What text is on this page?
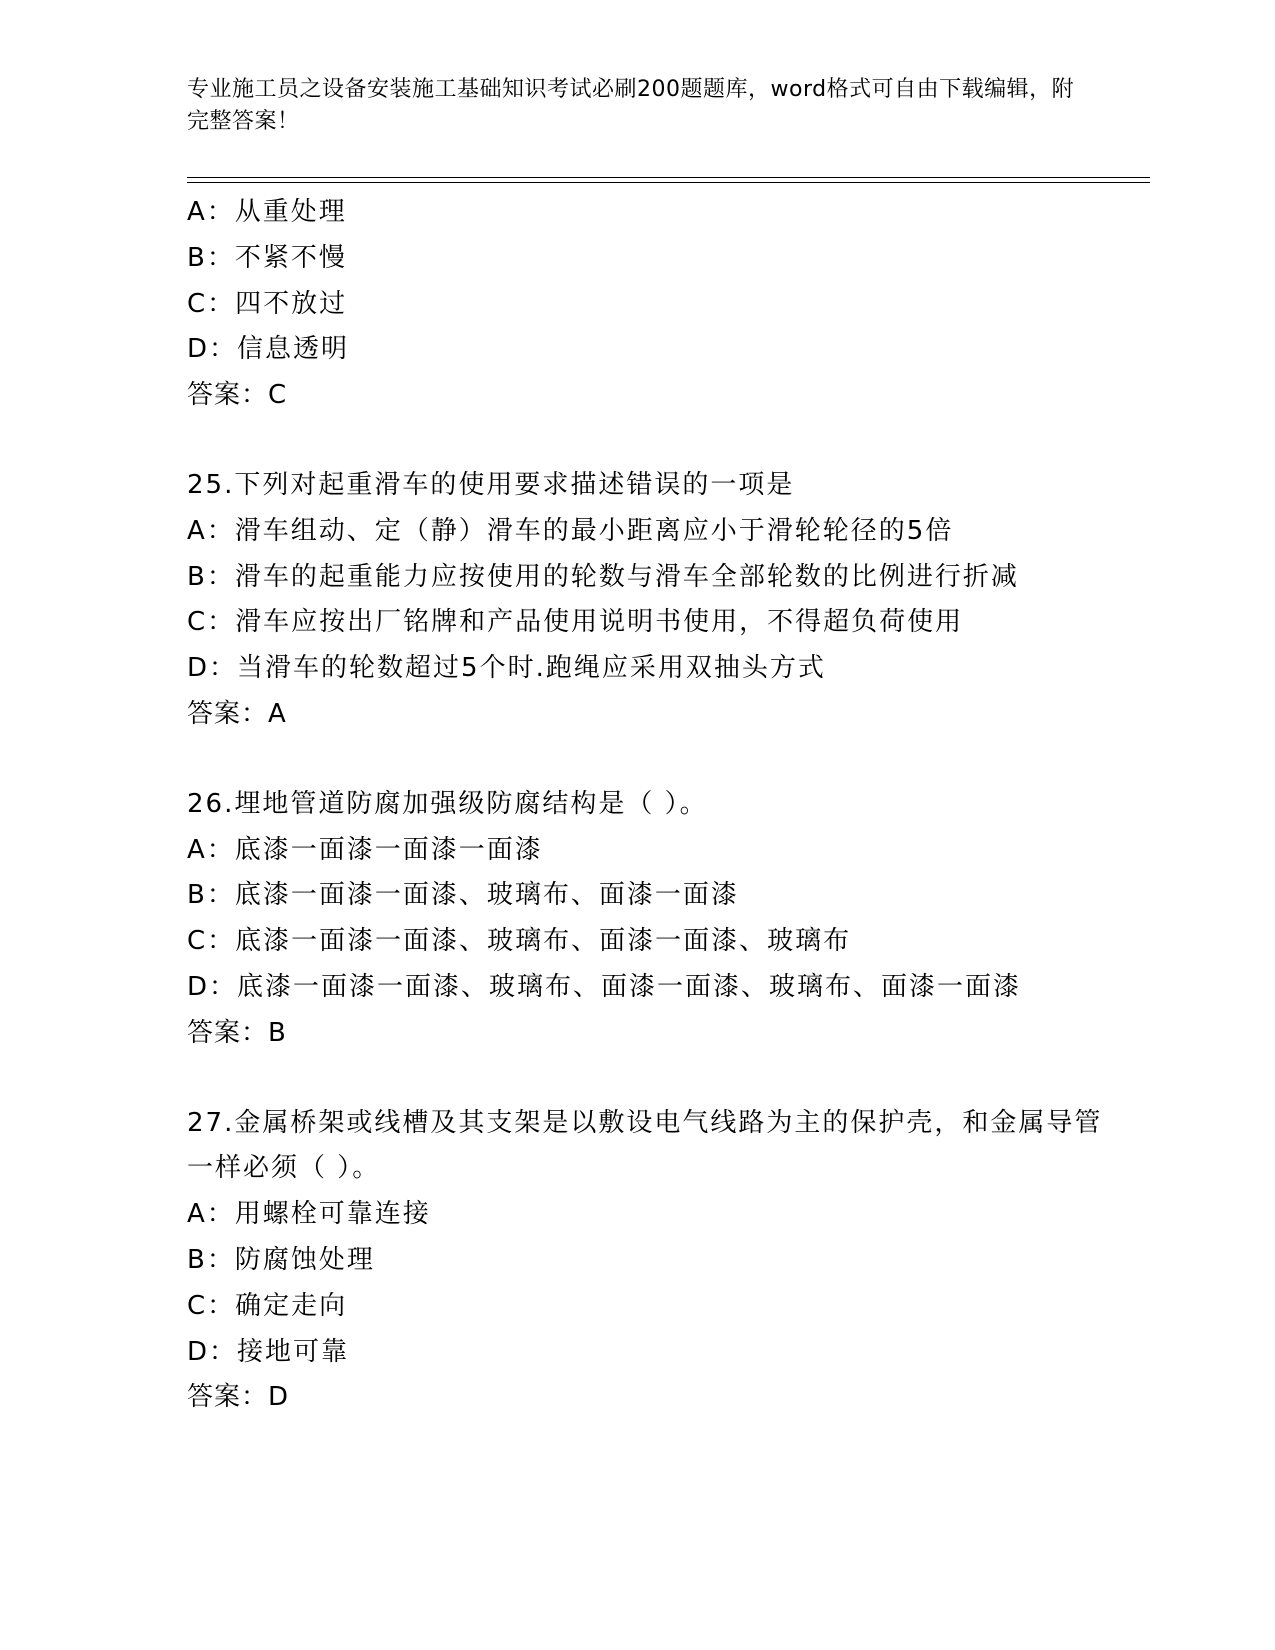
专业施工员之设备安装施工基础知识考试必刷200题题库，word格式可自由下载编辑，附完整答案！
A：从重处理
B：不紧不慢
C：四不放过
D：信息透明
答案：C
25.下列对起重滑车的使用要求描述错误的一项是
A：滑车组动、定（静）滑车的最小距离应小于滑轮轮径的5倍
B：滑车的起重能力应按使用的轮数与滑车全部轮数的比例进行折减
C：滑车应按出厂铭牌和产品使用说明书使用，不得超负荷使用
D：当滑车的轮数超过5个时.跑绳应采用双抽头方式
答案：A
26.埋地管道防腐加强级防腐结构是（ ）。
A：底漆一面漆一面漆一面漆
B：底漆一面漆一面漆、玻璃布、面漆一面漆
C：底漆一面漆一面漆、玻璃布、面漆一面漆、玻璃布
D：底漆一面漆一面漆、玻璃布、面漆一面漆、玻璃布、面漆一面漆
答案：B
27.金属桥架或线槽及其支架是以敷设电气线路为主的保护壳，和金属导管一样必须（ ）。
A：用螺栓可靠连接
B：防腐蚀处理
C：确定走向
D：接地可靠
答案：D
